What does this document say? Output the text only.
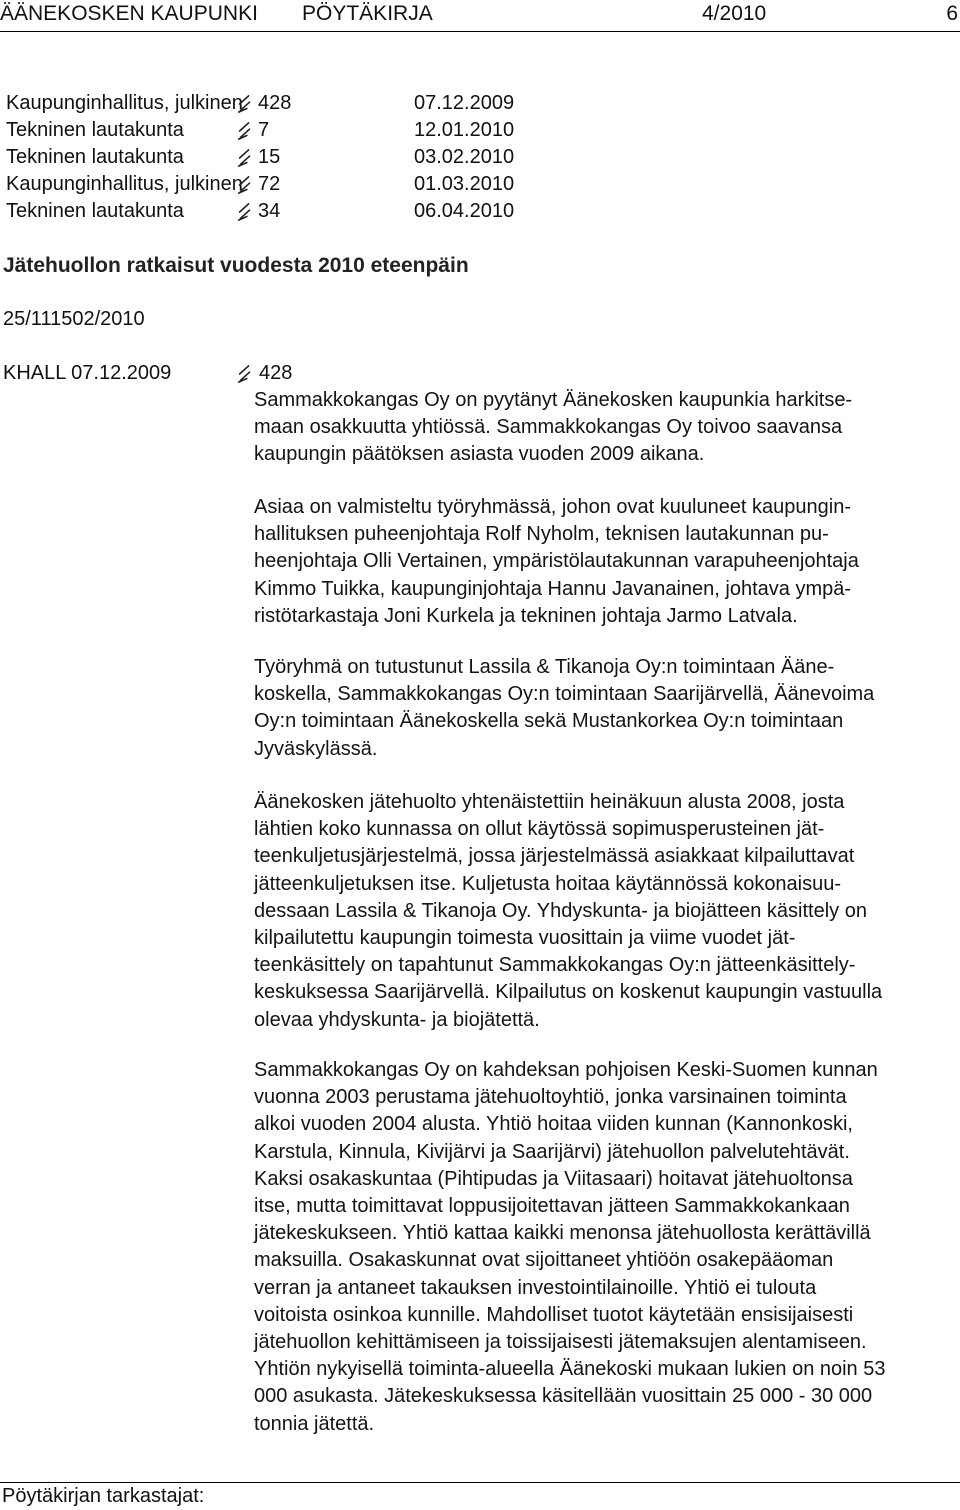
ÄÄNEKOSKEN KAUPUNKI PÖYTÄKIRJA	4/2010	6
Kaupunginhallitus, julkinen 428	07.12.2009
Tekninen lautakunta	7	12.01.2010
Tekninen lautakunta	15	03.02.2010
Kaupunginhallitus, julkinen 72	01.03.2010
Tekninen lautakunta	34	06.04.2010
Jätehuollon ratkaisut vuodesta 2010 eteenpäin
25/111502/2010
KHALL 07.12.2009	428

Sammakkokangas Oy on pyytänyt Äänekosken kaupunkia harkitse-
maan osakkuutta yhtiössä. Sammakkokangas Oy toivoo saavansa
kaupungin päätöksen asiasta vuoden 2009 aikana.

Asiaa on valmisteltu työryhmässä, johon ovat kuuluneet kaupungin-
hallituksen puheenjohtaja Rolf Nyholm, teknisen lautakunnan pu-
heenjohtaja Olli Vertainen, ympäristölautakunnan varapuheenjohtaja
Kimmo Tuikka, kaupunginjohtaja Hannu Javanainen, johtava ympä-
ristötarkastaja Joni Kurkela ja tekninen johtaja Jarmo Latvala.

Työryhmä on tutustunut Lassila & Tikanoja Oy:n toimintaan Ääne-
koskella, Sammakkokangas Oy:n toimintaan Saarijärvellä, Äänevoima
Oy:n toimintaan Äänekoskella sekä Mustankorkea Oy:n toimintaan
Jyväskylässä.

Äänekosken jätehuolto yhtenäistettiin heinäkuun alusta 2008, josta
lähtien koko kunnassa on ollut käytössä sopimusperusteinen jät-
teenkuljetusjärjestelmä, jossa järjestelmässä asiakkaat kilpailuttavat
jätteenkuljetuksen itse. Kuljetusta hoitaa käytännössä kokonaisuu-
dessaan Lassila & Tikanoja Oy. Yhdyskunta- ja biojätteen käsittely on
kilpailutettu kaupungin toimesta vuosittain ja viime vuodet jät-
teenkäsittely on tapahtunut Sammakkokangas Oy:n jätteenkäsittely-
keskuksessa Saarijärvellä. Kilpailutus on koskenut kaupungin vastuulla
olevaa yhdyskunta- ja biojätettä.

Sammakkokangas Oy on kahdeksan pohjoisen Keski-Suomen kunnan
vuonna 2003 perustama jätehuoltoyhtiö, jonka varsinainen toiminta
alkoi vuoden 2004 alusta. Yhtiö hoitaa viiden kunnan (Kannonkoski,
Karstula, Kinnula, Kivijärvi ja Saarijärvi) jätehuollon palvelutehtävät.
Kaksi osakaskuntaa (Pihtipudas ja Viitasaari) hoitavat jätehuoltonsa
itse, mutta toimittavat loppusijoitettavan jätteen Sammakkokankaan
jätekeskukseen. Yhtiö kattaa kaikki menonsa jätehuollosta kerättävillä
maksuilla. Osakaskunnat ovat sijoittaneet yhtiöön osakepääoman
verran ja antaneet takauksen investointilainoille. Yhtiö ei tulouta
voitoista osinkoa kunnille. Mahdolliset tuotot käytetään ensisijaisesti
jätehuollon kehittämiseen ja toissijaisesti jätemaksujen alentamiseen.
Yhtiön nykyisellä toiminta-alueella Äänekoski mukaan lukien on noin 53
000 asukasta. Jätekeskuksessa käsitellään vuosittain 25 000 - 30 000
tonnia jätettä.

Pöytäkirjan tarkastajat:
